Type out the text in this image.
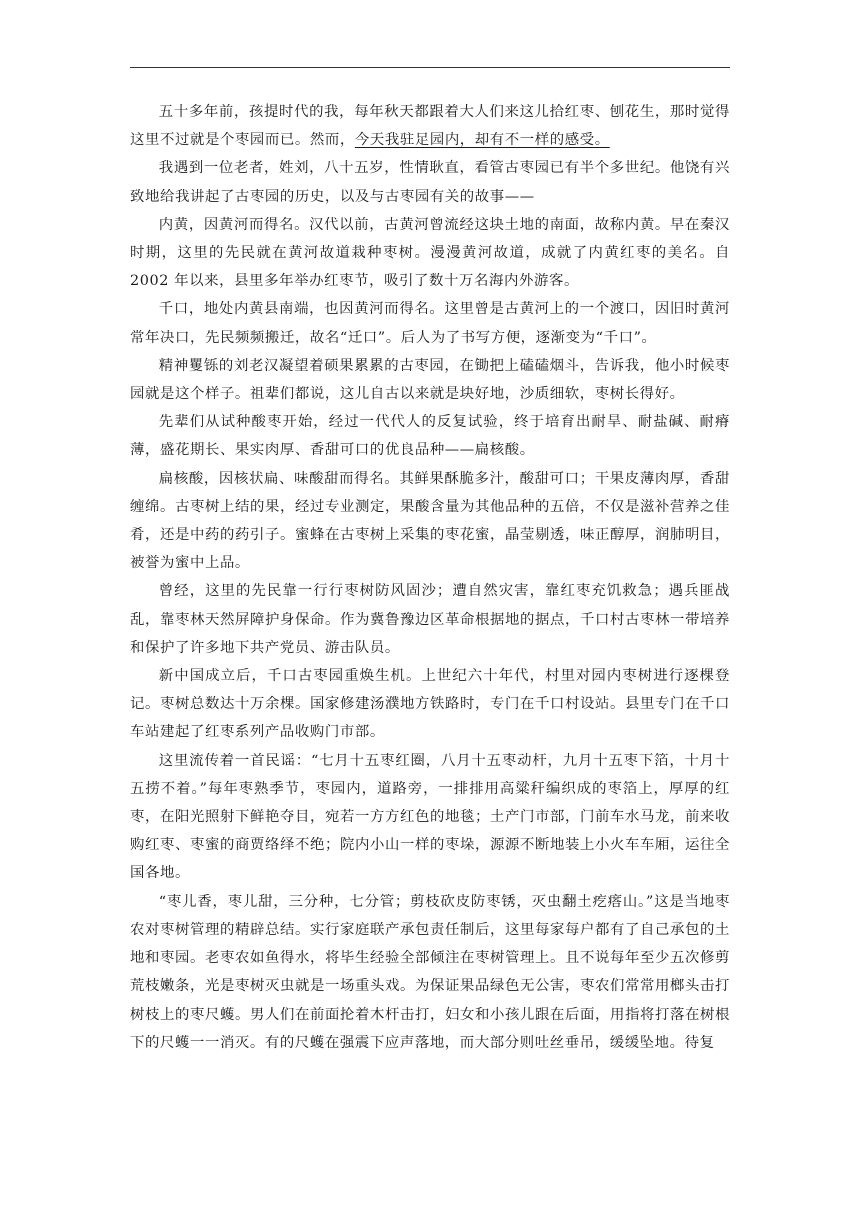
五十多年前，孩提时代的我，每年秋天都跟着大人们来这儿拾红枣、刨花生，那时觉得这里不过就是个枣园而已。然而，今天我驻足园内，却有不一样的感受。

我遇到一位老者，姓刘，八十五岁，性情耿直，看管古枣园已有半个多世纪。他饶有兴致地给我讲起了古枣园的历史，以及与古枣园有关的故事——

内黄，因黄河而得名。汉代以前，古黄河曾流经这块土地的南面，故称内黄。早在秦汉时期，这里的先民就在黄河故道栽种枣树。漫漫黄河故道，成就了内黄红枣的美名。自 2002 年以来，县里多年举办红枣节，吸引了数十万名海内外游客。

千口，地处内黄县南端，也因黄河而得名。这里曾是古黄河上的一个渡口，因旧时黄河常年决口，先民频频搬迁，故名“迁口”。后人为了书写方便，逐渐变为“千口”。

精神矍铄的刘老汉凝望着硕果累累的古枣园，在锄把上磕磕烟斗，告诉我，他小时候枣园就是这个样子。祖辈们都说，这儿自古以来就是块好地，沙质细软，枣树长得好。

先辈们从试种酸枣开始，经过一代代人的反复试验，终于培育出耐旱、耐盐碱、耐瘠薄，盛花期长、果实肉厚、香甜可口的优良品种——扁核酸。

扁核酸，因核状扁、味酸甜而得名。其鲜果酥脆多汁，酸甜可口；干果皮薄肉厚，香甜缠绵。古枣树上结的果，经过专业测定，果酸含量为其他品种的五倍，不仅是滋补营养之佳肴，还是中药的药引子。蜜蜂在古枣树上采集的枣花蜜，晶莹剔透，味正醇厚，润肺明目，被誉为蜜中上品。

曾经，这里的先民靠一行行枣树防风固沙；遭自然灾害，靠红枣充饥救急；遇兵匪战乱，靠枣林天然屏障护身保命。作为冀鲁豫边区革命根据地的据点，千口村古枣林一带培养和保护了许多地下共产党员、游击队员。

新中国成立后，千口古枣园重焕生机。上世纪六十年代，村里对园内枣树进行逐棵登记。枣树总数达十万余棵。国家修建汤濮地方铁路时，专门在千口村设站。县里专门在千口车站建起了红枣系列产品收购门市部。

这里流传着一首民谣：“七月十五枣红圈，八月十五枣动杆，九月十五枣下箔，十月十五捞不着。”每年枣熟季节，枣园内，道路旁，一排排用高粱秆编织成的枣箔上，厚厚的红枣，在阳光照射下鲜艳夺目，宛若一方方红色的地毯；土产门市部，门前车水马龙，前来收购红枣、枣蜜的商贾络绎不绝；院内小山一样的枣垛，源源不断地装上小火车车厢，运往全国各地。

“枣儿香，枣儿甜，三分种，七分管；剪枝砍皮防枣锈，灭虫翻土疙瘩山。”这是当地枣农对枣树管理的精辟总结。实行家庭联产承包责任制后，这里每家每户都有了自己承包的土地和枣园。老枣农如鱼得水，将毕生经验全部倾注在枣树管理上。且不说每年至少五次修剪荒枝嫩条，光是枣树灭虫就是一场重头戏。为保证果品绿色无公害，枣农们常常用榔头击打树枝上的枣尺蠖。男人们在前面抡着木杆击打，妇女和小孩儿跟在后面，用指将打落在树根下的尺蠖一一消灭。有的尺蠖在强震下应声落地，而大部分则吐丝垂吊，缓缓坠地。待复
